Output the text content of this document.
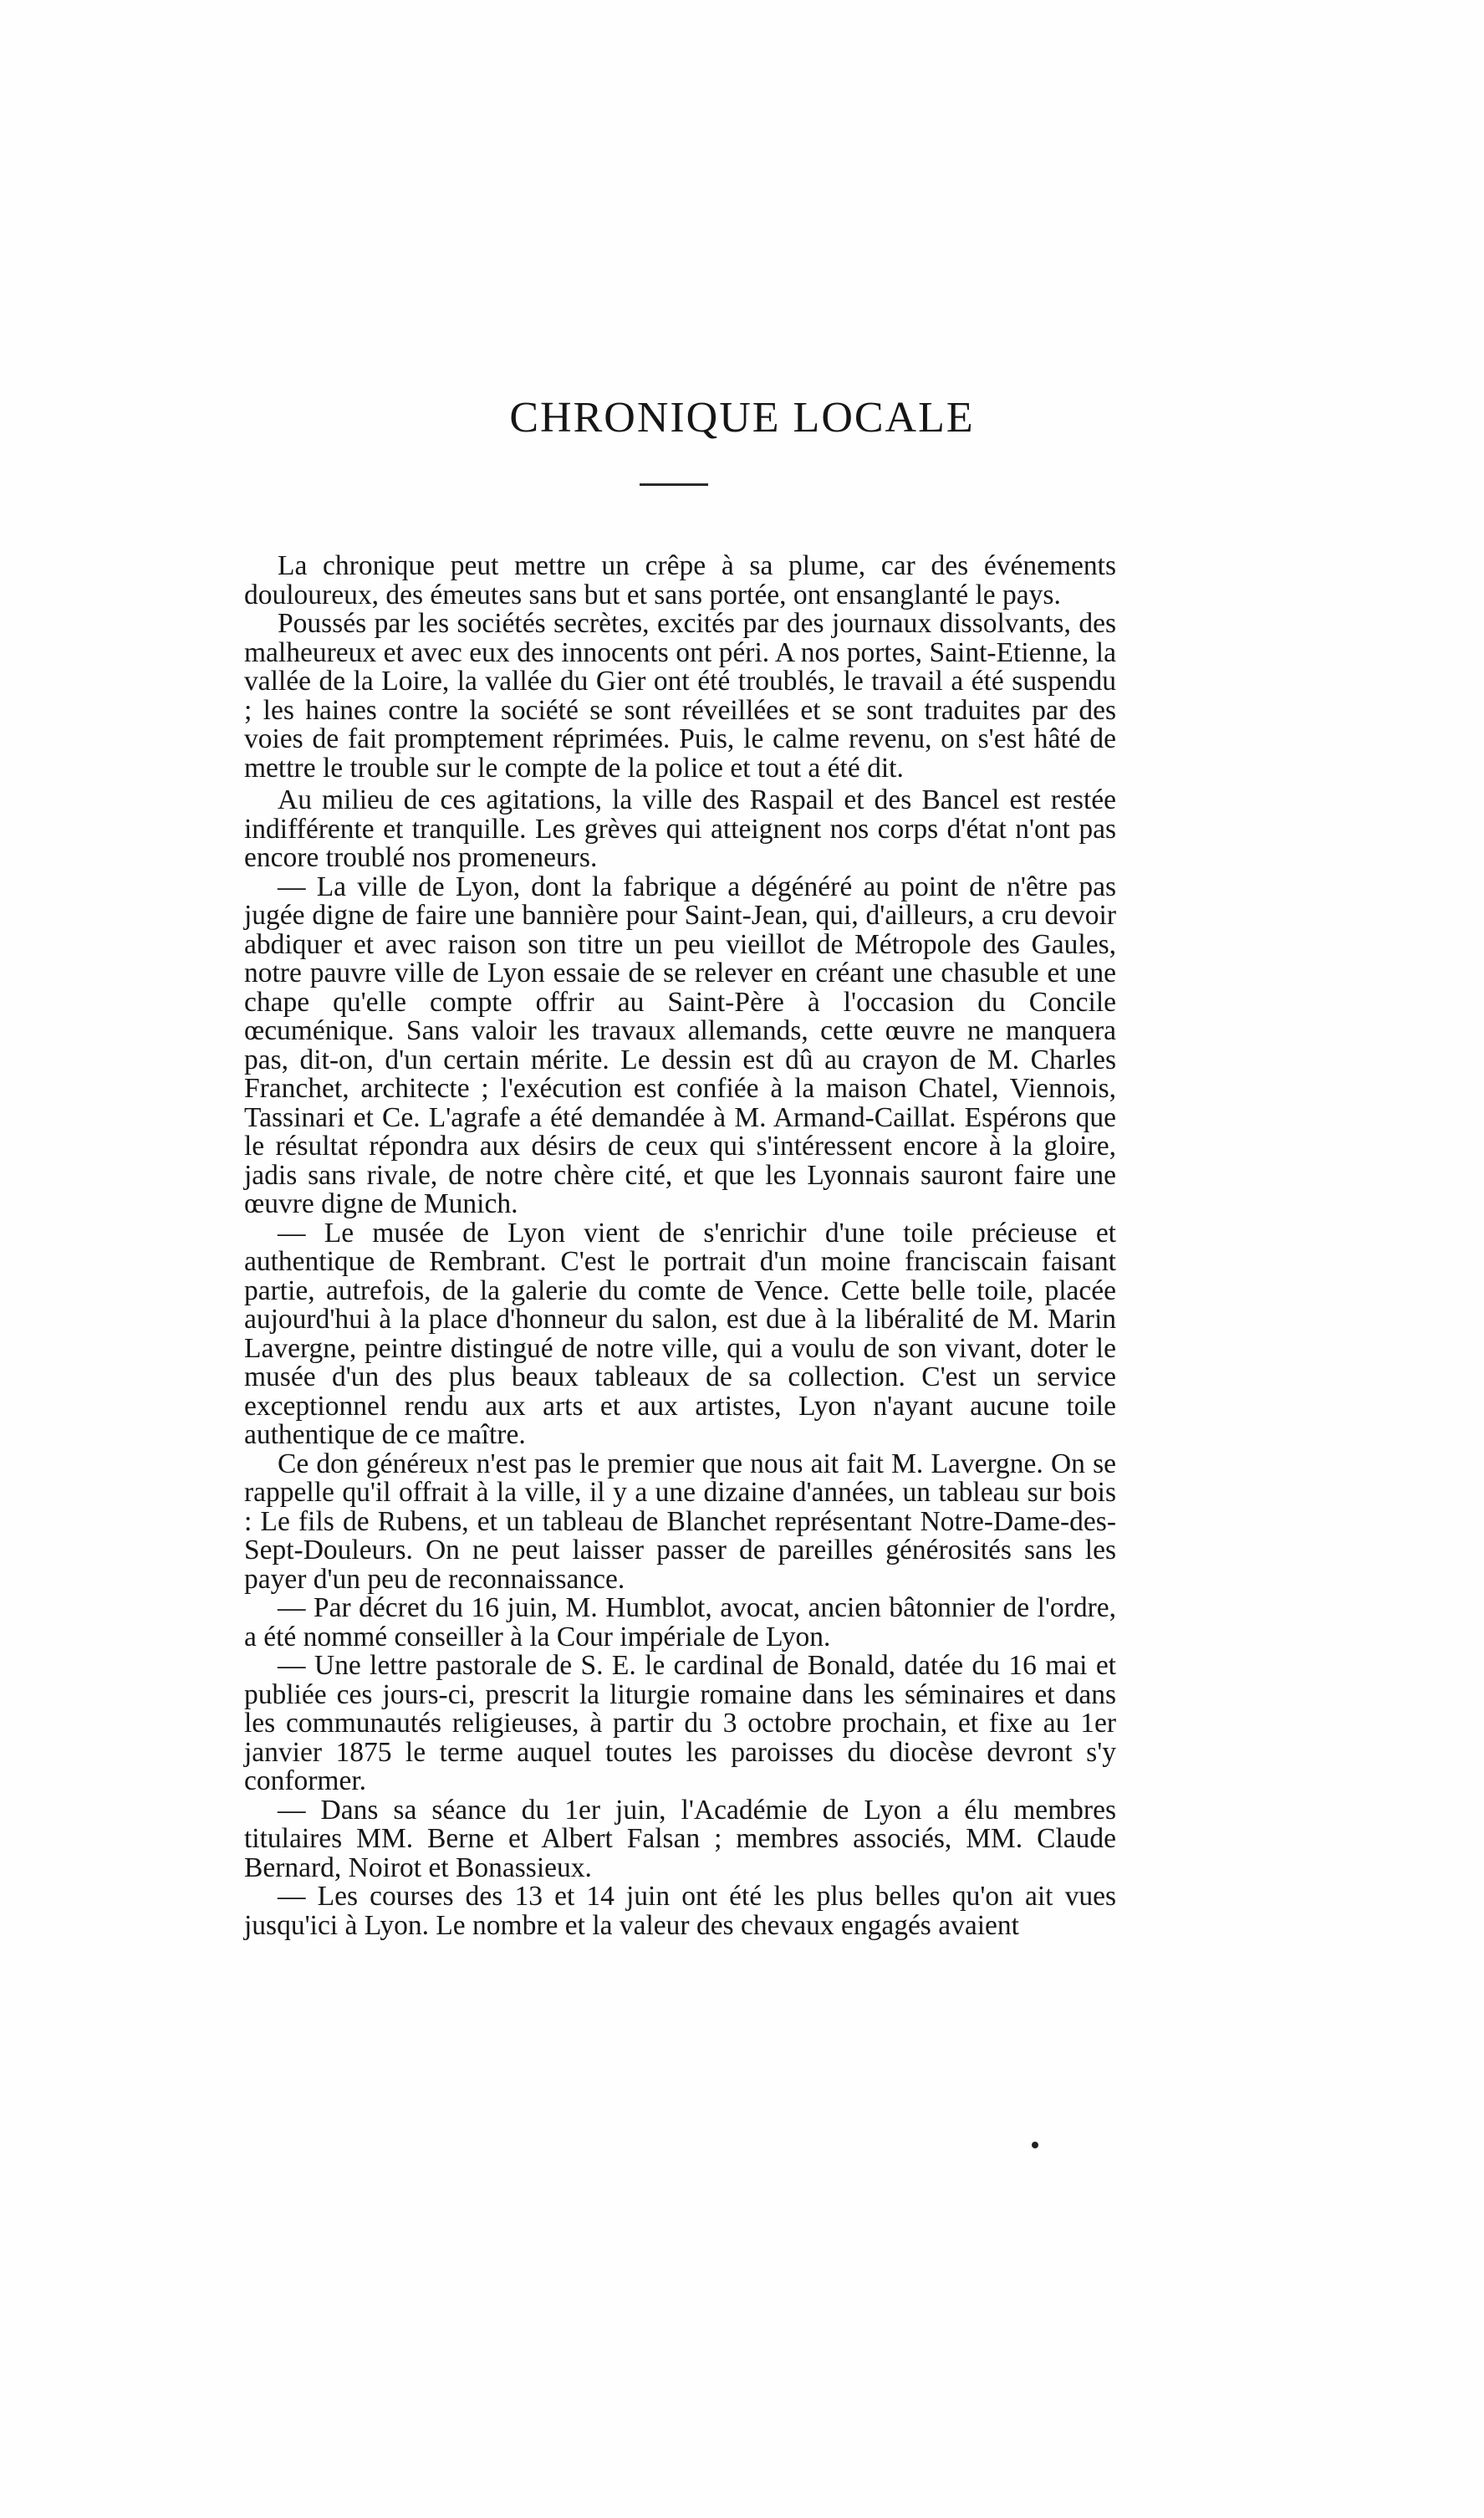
CHRONIQUE LOCALE

La chronique peut mettre un crêpe à sa plume, car des événements douloureux, des émeutes sans but et sans portée, ont ensanglanté le pays.

Poussés par les sociétés secrètes, excités par des journaux dissolvants, des malheureux et avec eux des innocents ont péri. A nos portes, Saint-Etienne, la vallée de la Loire, la vallée du Gier ont été troublés, le travail a été suspendu ; les haines contre la société se sont réveillées et se sont traduites par des voies de fait promptement réprimées. Puis, le calme revenu, on s'est hâté de mettre le trouble sur le compte de la police et tout a été dit.

Au milieu de ces agitations, la ville des Raspail et des Bancel est restée indifférente et tranquille. Les grèves qui atteignent nos corps d'état n'ont pas encore troublé nos promeneurs.

— La ville de Lyon, dont la fabrique a dégénéré au point de n'être pas jugée digne de faire une bannière pour Saint-Jean, qui, d'ailleurs, a cru devoir abdiquer et avec raison son titre un peu vieillot de Métropole des Gaules, notre pauvre ville de Lyon essaie de se relever en créant une chasuble et une chape qu'elle compte offrir au Saint-Père à l'occasion du Concile œcuménique. Sans valoir les travaux allemands, cette œuvre ne manquera pas, dit-on, d'un certain mérite. Le dessin est dû au crayon de M. Charles Franchet, architecte ; l'exécution est confiée à la maison Chatel, Viennois, Tassinari et Ce. L'agrafe a été demandée à M. Armand-Caillat. Espérons que le résultat répondra aux désirs de ceux qui s'intéressent encore à la gloire, jadis sans rivale, de notre chère cité, et que les Lyonnais sauront faire une œuvre digne de Munich.

— Le musée de Lyon vient de s'enrichir d'une toile précieuse et authentique de Rembrant. C'est le portrait d'un moine franciscain faisant partie, autrefois, de la galerie du comte de Vence. Cette belle toile, placée aujourd'hui à la place d'honneur du salon, est due à la libéralité de M. Marin Lavergne, peintre distingué de notre ville, qui a voulu de son vivant, doter le musée d'un des plus beaux tableaux de sa collection. C'est un service exceptionnel rendu aux arts et aux artistes, Lyon n'ayant aucune toile authentique de ce maître.

Ce don généreux n'est pas le premier que nous ait fait M. Lavergne. On se rappelle qu'il offrait à la ville, il y a une dizaine d'années, un tableau sur bois : Le fils de Rubens, et un tableau de Blanchet représentant Notre-Dame-des-Sept-Douleurs. On ne peut laisser passer de pareilles générosités sans les payer d'un peu de reconnaissance.

— Par décret du 16 juin, M. Humblot, avocat, ancien bâtonnier de l'ordre, a été nommé conseiller à la Cour impériale de Lyon.

— Une lettre pastorale de S. E. le cardinal de Bonald, datée du 16 mai et publiée ces jours-ci, prescrit la liturgie romaine dans les séminaires et dans les communautés religieuses, à partir du 3 octobre prochain, et fixe au 1er janvier 1875 le terme auquel toutes les paroisses du diocèse devront s'y conformer.

— Dans sa séance du 1er juin, l'Académie de Lyon a élu membres titulaires MM. Berne et Albert Falsan ; membres associés, MM. Claude Bernard, Noirot et Bonassieux.

— Les courses des 13 et 14 juin ont été les plus belles qu'on ait vues jusqu'ici à Lyon. Le nombre et la valeur des chevaux engagés avaient
